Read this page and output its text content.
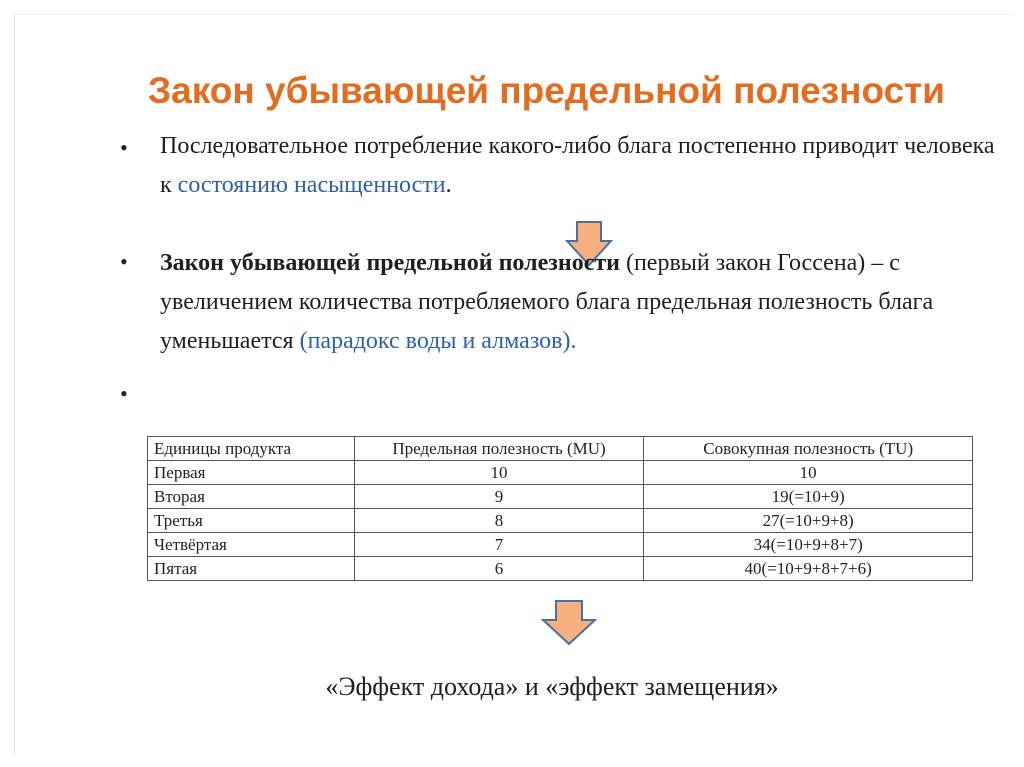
Закон убывающей предельной полезности
• Последовательное потребление какого-либо блага постепенно приводит человека к состоянию насыщенности.
• Закон убывающей предельной полезности (первый закон Госсена) – с увеличением количества потребляемого блага предельная полезность блага уменьшается (парадокс воды и алмазов).
•
Единицы продукта	Предельная полезность (MU)	Совокупная полезность (TU)
Первая	10	10
Вторая	9	19(=10+9)
Третья	8	27(=10+9+8)
Четвёртая	7	34(=10+9+8+7)
Пятая	6	40(=10+9+8+7+6)
«Эффект дохода» и «эффект замещения»
